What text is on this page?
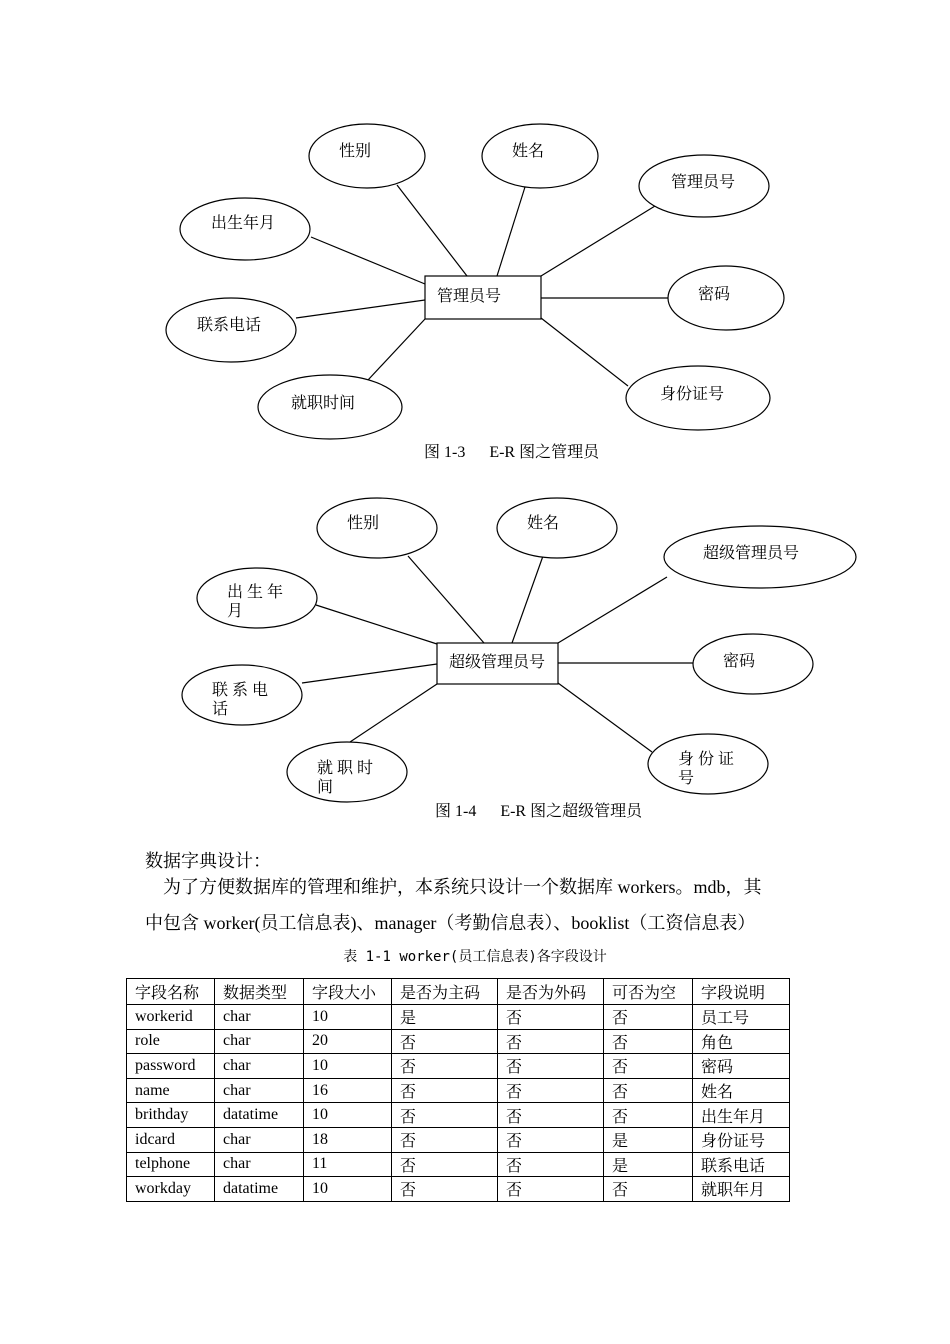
性别	姓名
管理员号
出生年月
管理员号	密码
联系电话
身份证号
就职时间
图 1-3      E-R 图之管理员
性别	姓名
超级管理员号
出 生 年
月
超级管理员号	密码
联 系 电
话
身 份 证
号
就 职 时
间
图 1-4      E-R 图之超级管理员
数据字典设计：
为了方便数据库的管理和维护，本系统只设计一个数据库 workers。mdb，其
中包含 worker(员工信息表)、manager（考勤信息表）、booklist（工资信息表）
表 1-1 worker(员工信息表)各字段设计
字段名称	数据类型	字段大小	是否为主码	是否为外码	可否为空	字段说明
workerid	char	10	是	否	否	员工号
role	char	20	否	否	否	角色
password	char	10	否	否	否	密码
name	char	16	否	否	否	姓名
brithday	datatime	10	否	否	否	出生年月
idcard	char	18	否	否	是	身份证号
telphone	char	11	否	否	是	联系电话
workday	datatime	10	否	否	否	就职年月
